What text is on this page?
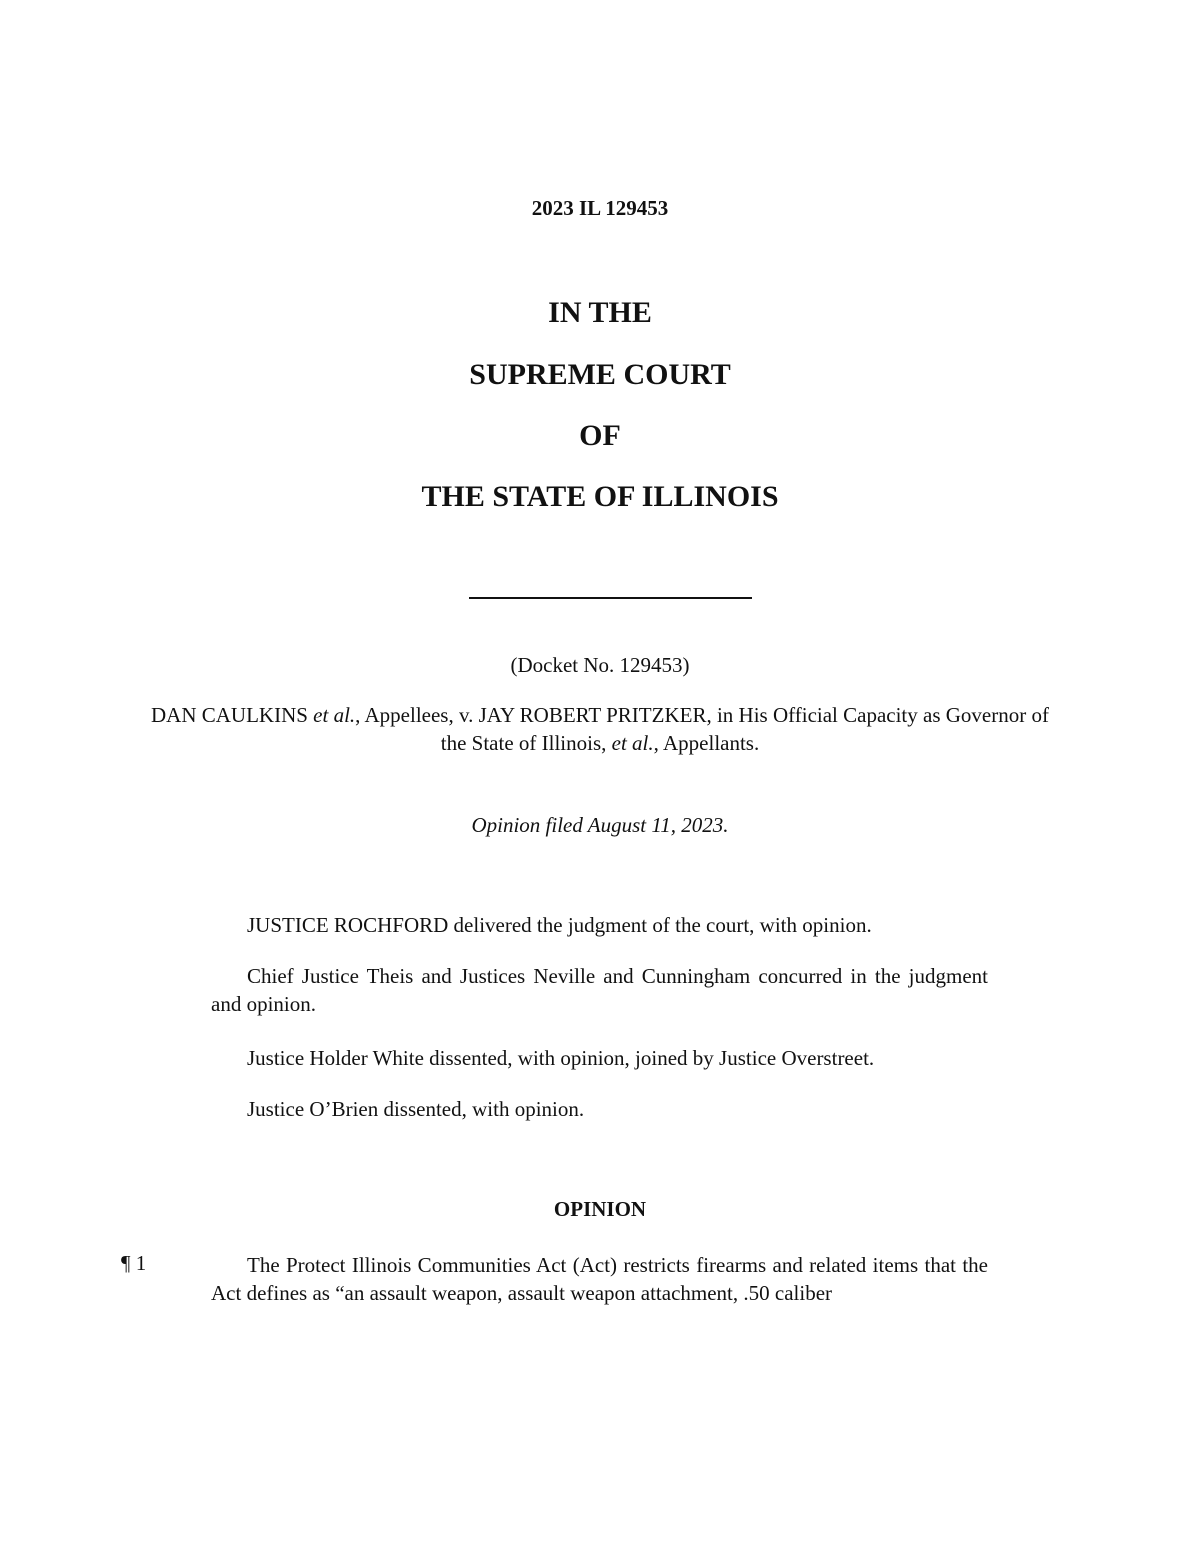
2023 IL 129453
IN THE
SUPREME COURT
OF
THE STATE OF ILLINOIS
(Docket No. 129453)
DAN CAULKINS et al., Appellees, v. JAY ROBERT PRITZKER, in His Official Capacity as Governor of the State of Illinois, et al., Appellants.
Opinion filed August 11, 2023.
JUSTICE ROCHFORD delivered the judgment of the court, with opinion.
Chief Justice Theis and Justices Neville and Cunningham concurred in the judgment and opinion.
Justice Holder White dissented, with opinion, joined by Justice Overstreet.
Justice O’Brien dissented, with opinion.
OPINION
¶ 1	The Protect Illinois Communities Act (Act) restricts firearms and related items that the Act defines as “an assault weapon, assault weapon attachment, .50 caliber
